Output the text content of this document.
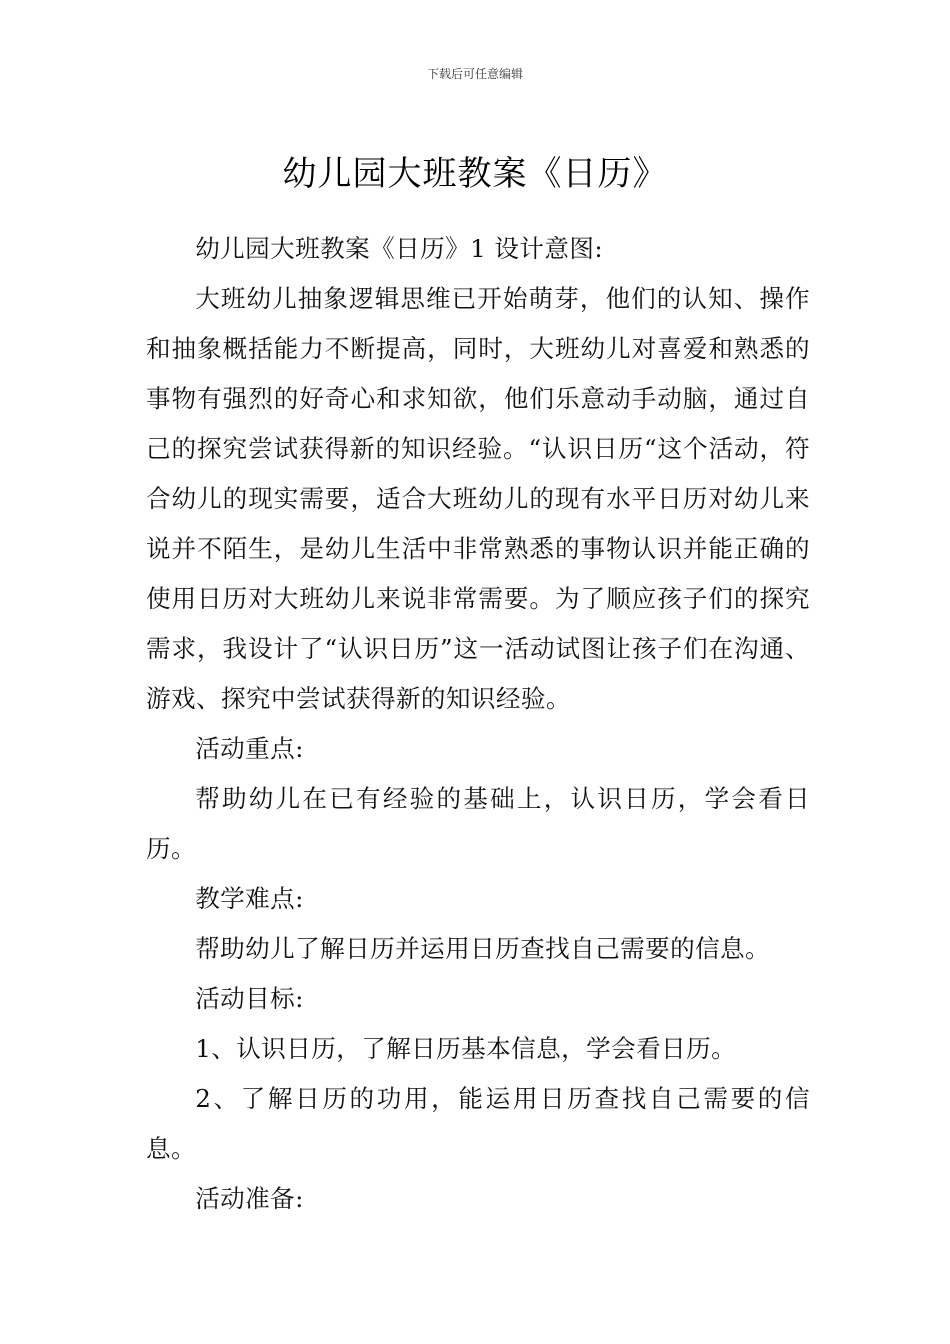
下载后可任意编辑
幼儿园大班教案《日历》

幼儿园大班教案《日历》1 设计意图:

大班幼儿抽象逻辑思维已开始萌芽，他们的认知、操作和抽象概括能力不断提高，同时，大班幼儿对喜爱和熟悉的事物有强烈的好奇心和求知欲，他们乐意动手动脑，通过自己的探究尝试获得新的知识经验。“认识日历“这个活动，符合幼儿的现实需要，适合大班幼儿的现有水平日历对幼儿来说并不陌生，是幼儿生活中非常熟悉的事物认识并能正确的使用日历对大班幼儿来说非常需要。为了顺应孩子们的探究需求，我设计了“认识日历”这一活动试图让孩子们在沟通、游戏、探究中尝试获得新的知识经验。

活动重点:

帮助幼儿在已有经验的基础上，认识日历，学会看日历。

教学难点:

帮助幼儿了解日历并运用日历查找自己需要的信息。

活动目标:

1、认识日历，了解日历基本信息，学会看日历。

2、了解日历的功用，能运用日历查找自己需要的信息。

活动准备:
